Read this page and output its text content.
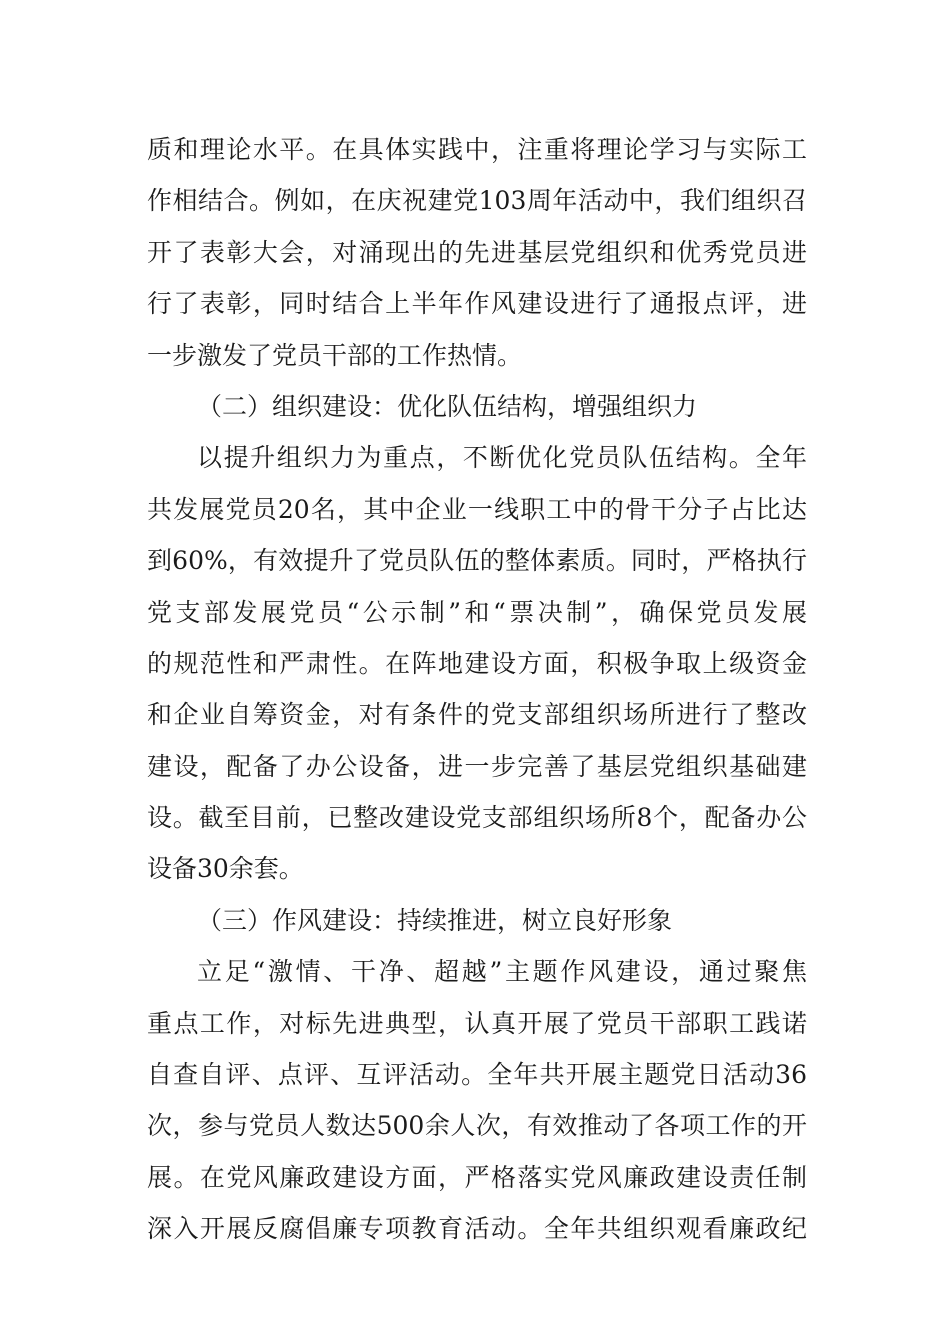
质和理论水平。在具体实践中，注重将理论学习与实际工
作相结合。例如，在庆祝建党103周年活动中，我们组织召
开了表彰大会，对涌现出的先进基层党组织和优秀党员进
行了表彰，同时结合上半年作风建设进行了通报点评，进
一步激发了党员干部的工作热情。
（二）组织建设：优化队伍结构，增强组织力
以提升组织力为重点，不断优化党员队伍结构。全年
共发展党员20名，其中企业一线职工中的骨干分子占比达
到60%，有效提升了党员队伍的整体素质。同时，严格执行
党支部发展党员“公示制”和“票决制”，确保党员发展
的规范性和严肃性。在阵地建设方面，积极争取上级资金
和企业自筹资金，对有条件的党支部组织场所进行了整改
建设，配备了办公设备，进一步完善了基层党组织基础建
设。截至目前，已整改建设党支部组织场所8个，配备办公
设备30余套。
（三）作风建设：持续推进，树立良好形象
立足“激情、干净、超越”主题作风建设，通过聚焦
重点工作，对标先进典型，认真开展了党员干部职工践诺
自查自评、点评、互评活动。全年共开展主题党日活动36
次，参与党员人数达500余人次，有效推动了各项工作的开
展。在党风廉政建设方面，严格落实党风廉政建设责任制
深入开展反腐倡廉专项教育活动。全年共组织观看廉政纪
